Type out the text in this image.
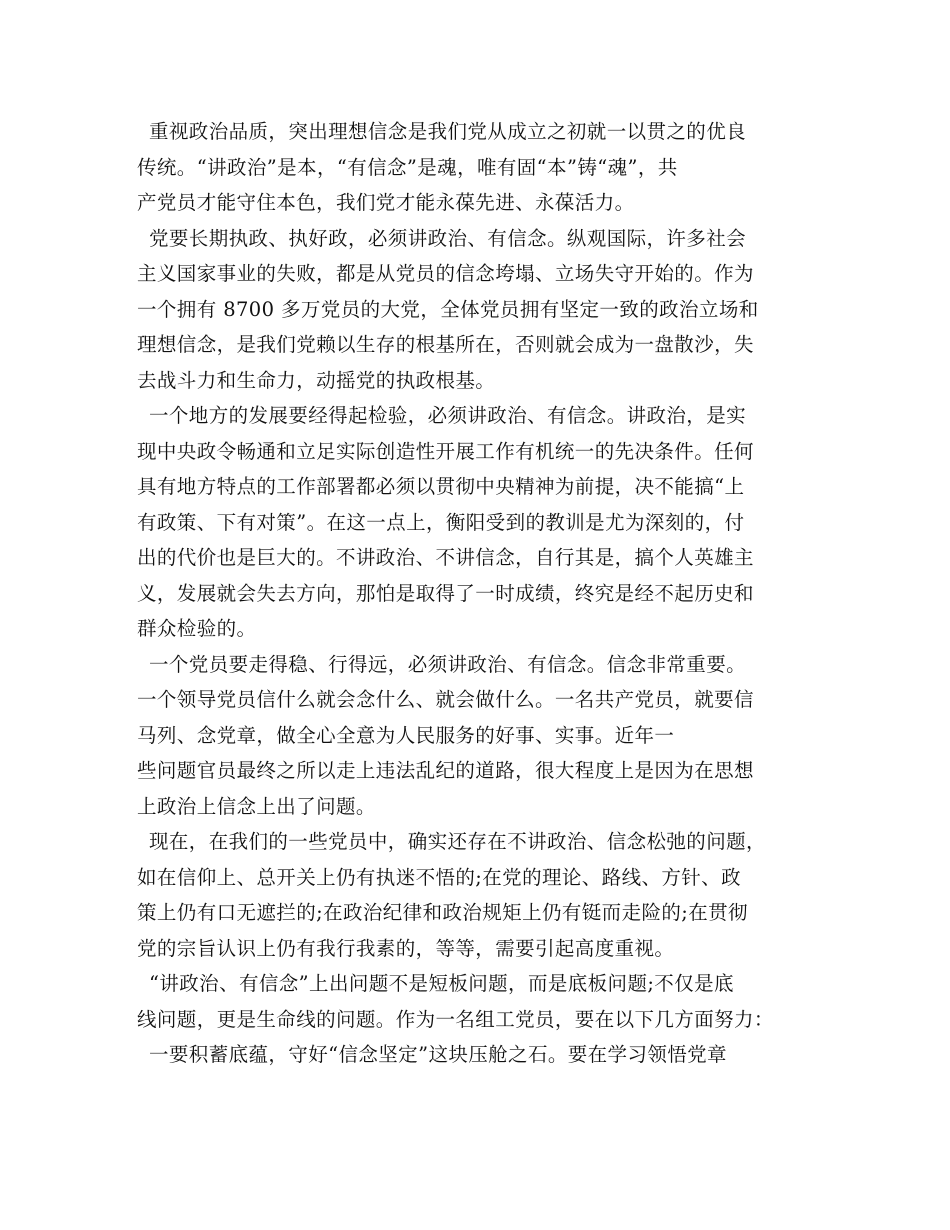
重视政治品质，突出理想信念是我们党从成立之初就一以贯之的优良
传统。“讲政治”是本，“有信念”是魂，唯有固“本”铸“魂”，共
产党员才能守住本色，我们党才能永葆先进、永葆活力。
党要长期执政、执好政，必须讲政治、有信念。纵观国际，许多社会
主义国家事业的失败，都是从党员的信念垮塌、立场失守开始的。作为
一个拥有 8700 多万党员的大党，全体党员拥有坚定一致的政治立场和
理想信念，是我们党赖以生存的根基所在，否则就会成为一盘散沙，失
去战斗力和生命力，动摇党的执政根基。
一个地方的发展要经得起检验，必须讲政治、有信念。讲政治，是实
现中央政令畅通和立足实际创造性开展工作有机统一的先决条件。任何
具有地方特点的工作部署都必须以贯彻中央精神为前提，决不能搞“上
有政策、下有对策”。在这一点上，衡阳受到的教训是尤为深刻的，付
出的代价也是巨大的。不讲政治、不讲信念，自行其是，搞个人英雄主
义，发展就会失去方向，那怕是取得了一时成绩，终究是经不起历史和
群众检验的。
一个党员要走得稳、行得远，必须讲政治、有信念。信念非常重要。
一个领导党员信什么就会念什么、就会做什么。一名共产党员，就要信
马列、念党章，做全心全意为人民服务的好事、实事。近年一
些问题官员最终之所以走上违法乱纪的道路，很大程度上是因为在思想
上政治上信念上出了问题。
现在，在我们的一些党员中，确实还存在不讲政治、信念松弛的问题，
如在信仰上、总开关上仍有执迷不悟的;在党的理论、路线、方针、政
策上仍有口无遮拦的;在政治纪律和政治规矩上仍有铤而走险的;在贯彻
党的宗旨认识上仍有我行我素的，等等，需要引起高度重视。
“讲政治、有信念”上出问题不是短板问题，而是底板问题;不仅是底
线问题，更是生命线的问题。作为一名组工党员，要在以下几方面努力：
一要积蓄底蕴，守好“信念坚定”这块压舱之石。要在学习领悟党章
